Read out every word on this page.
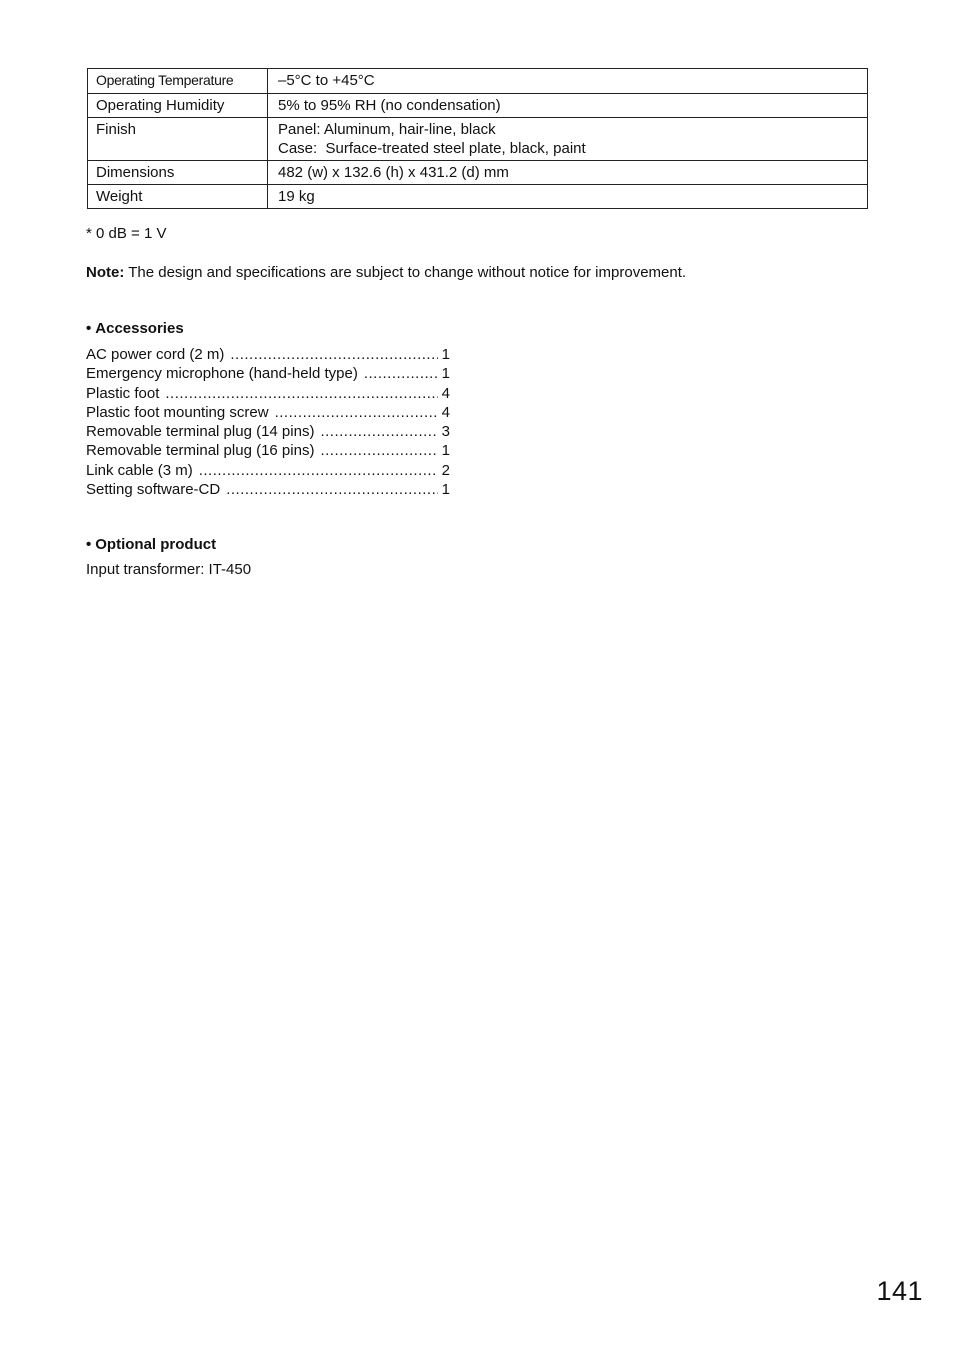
Operating Temperature	–5°C to +45°C

Operating Humidity	5% to 95% RH (no condensation)

Finish	Panel: Aluminum, hair-line, black
Case:  Surface-treated steel plate, black, paint

Dimensions	482 (w) x 132.6 (h) x 431.2 (d) mm

Weight	19 kg
* 0 dB = 1 V
Note: The design and specifications are subject to change without notice for improvement.
• Accessories
AC power cord (2 m) .....	1
Emergency microphone (hand-held type) .....	1
Plastic foot .....	4
Plastic foot mounting screw .....	4
Removable terminal plug (14 pins) .....	3
Removable terminal plug (16 pins) .....	1
Link cable (3 m) .....	2
Setting software-CD .....	1
• Optional product
Input transformer: IT-450
141
